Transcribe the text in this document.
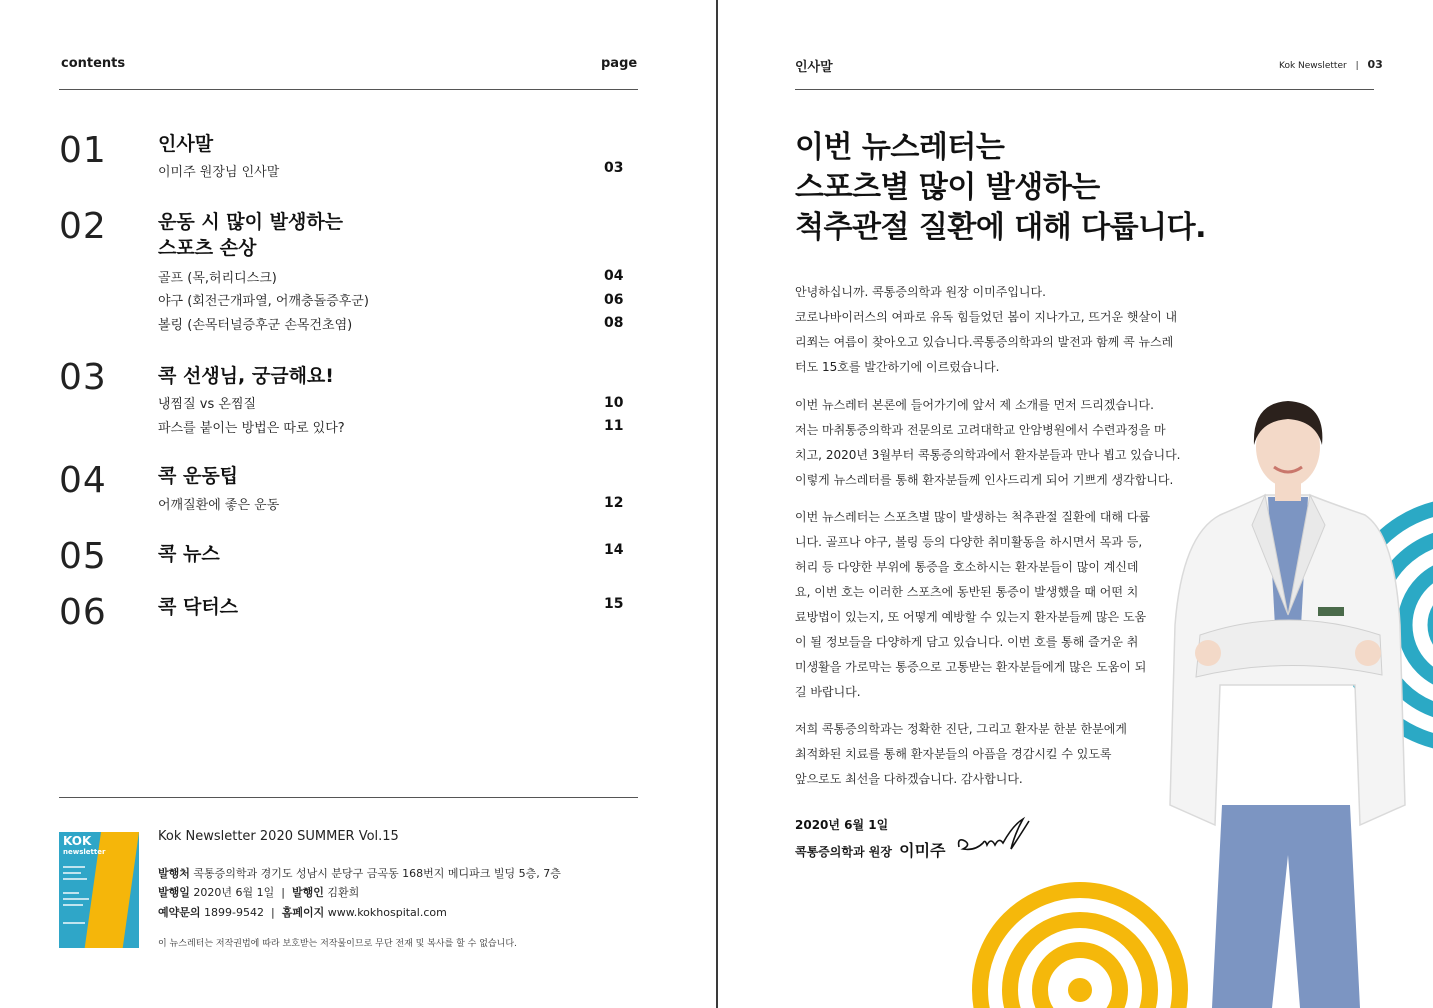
contents	page
01	인사말
이미주 원장님 인사말	03
02	운동 시 많이 발생하는
스포츠 손상
골프 (목,허리디스크)	04
야구 (회전근개파열, 어깨충돌증후군)	06
볼링 (손목터널증후군 손목건초염)	08
03	콕 선생님, 궁금해요!
냉찜질 vs 온찜질	10
파스를 붙이는 방법은 따로 있다?	11
04	콕 운동팁
어깨질환에 좋은 운동	12
05	콕 뉴스	14
06	콕 닥터스	15
KOK
newsletter
Kok Newsletter 2020 SUMMER Vol.15
발행처 콕통증의학과 경기도 성남시 분당구 금곡동 168번지 메디파크 빌딩 5층, 7층
발행일 2020년 6월 1일 | 발행인 김환희
예약문의 1899-9542 | 홈페이지 www.kokhospital.com
이 뉴스레터는 저작권법에 따라 보호받는 저작물이므로 무단 전재 및 복사를 할 수 없습니다.
인사말	Kok Newsletter | 03
이번 뉴스레터는
스포츠별 많이 발생하는
척추관절 질환에 대해 다룹니다.
안녕하십니까. 콕통증의학과 원장 이미주입니다.
코로나바이러스의 여파로 유독 힘들었던 봄이 지나가고, 뜨거운 햇살이 내
리쬐는 여름이 찾아오고 있습니다.콕통증의학과의 발전과 함께 콕 뉴스레
터도 15호를 발간하기에 이르렀습니다.
이번 뉴스레터 본론에 들어가기에 앞서 제 소개를 먼저 드리겠습니다.
저는 마취통증의학과 전문의로 고려대학교 안암병원에서 수련과정을 마
치고, 2020년 3월부터 콕통증의학과에서 환자분들과 만나 뵙고 있습니다.
이렇게 뉴스레터를 통해 환자분들께 인사드리게 되어 기쁘게 생각합니다.
이번 뉴스레터는 스포츠별 많이 발생하는 척추관절 질환에 대해 다룹
니다. 골프나 야구, 볼링 등의 다양한 취미활동을 하시면서 목과 등,
허리 등 다양한 부위에 통증을 호소하시는 환자분들이 많이 계신데
요, 이번 호는 이러한 스포츠에 동반된 통증이 발생했을 때 어떤 치
료방법이 있는지, 또 어떻게 예방할 수 있는지 환자분들께 많은 도움
이 될 정보들을 다양하게 담고 있습니다. 이번 호를 통해 즐거운 취
미생활을 가로막는 통증으로 고통받는 환자분들에게 많은 도움이 되
길 바랍니다.
저희 콕통증의학과는 정확한 진단, 그리고 환자분 한분 한분에게
최적화된 치료를 통해 환자분들의 아픔을 경감시킬 수 있도록
앞으로도 최선을 다하겠습니다. 감사합니다.
2020년 6월 1일
콕통증의학과 원장 이미주
